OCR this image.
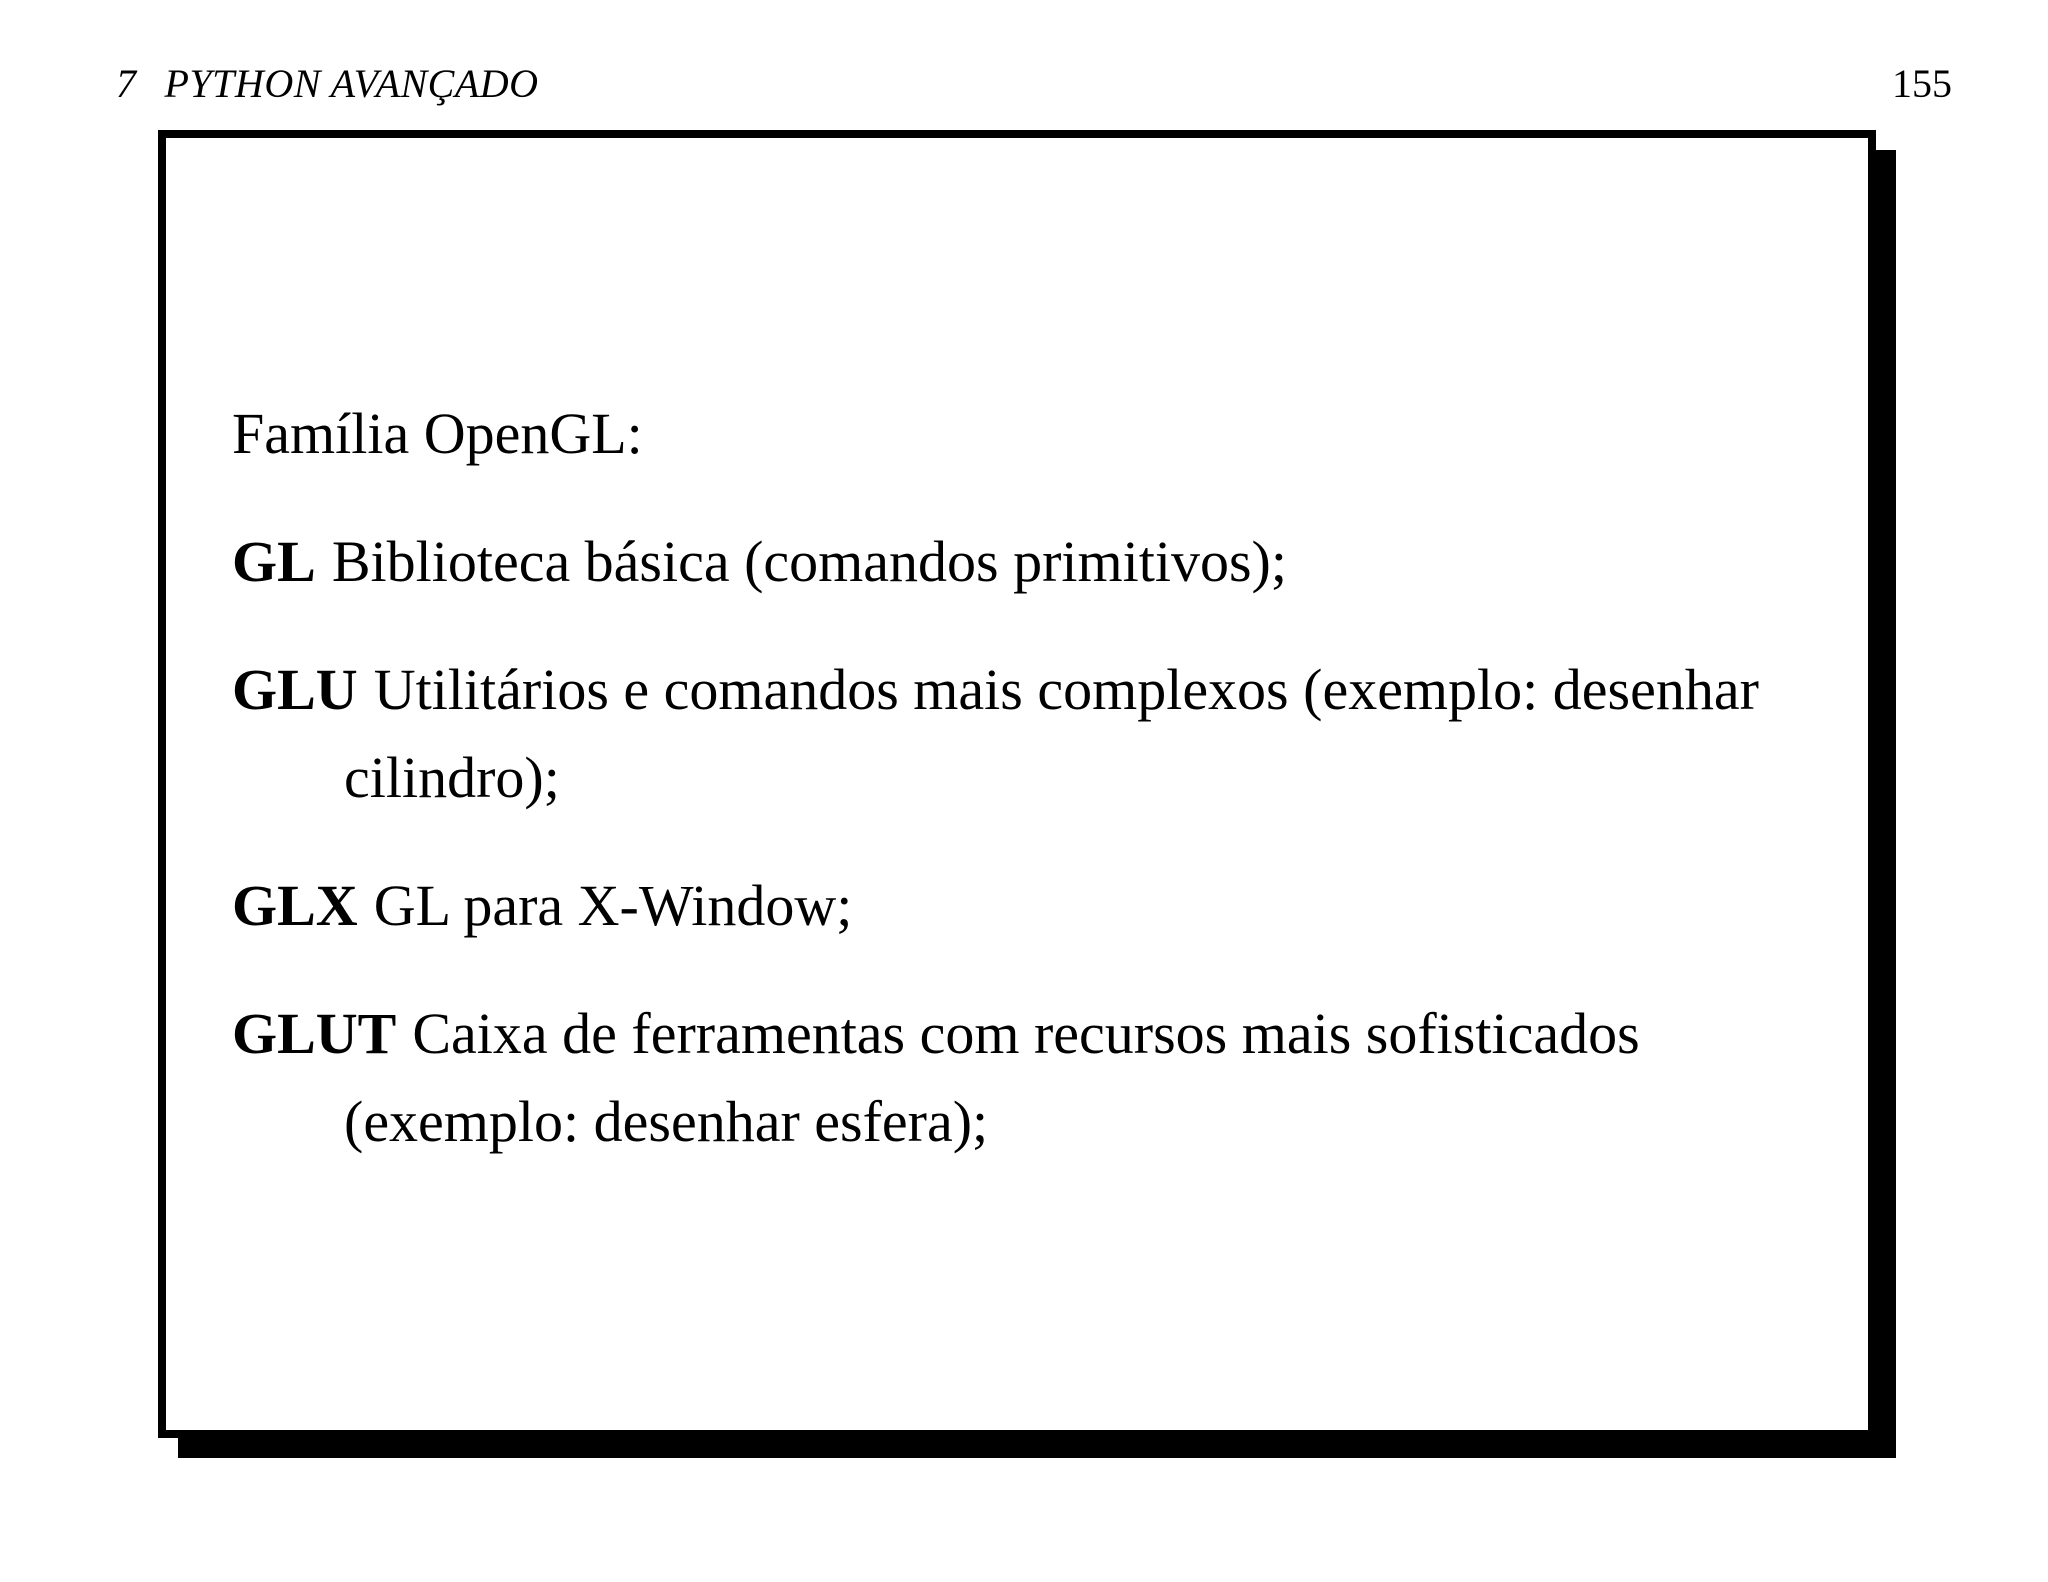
7 PYTHON AVANÇADO	155

Família OpenGL:

GL Biblioteca básica (comandos primitivos);

GLU Utilitários e comandos mais complexos (exemplo: desenhar cilindro);

GLX GL para X-Window;

GLUT Caixa de ferramentas com recursos mais sofisticados (exemplo: desenhar esfera);
